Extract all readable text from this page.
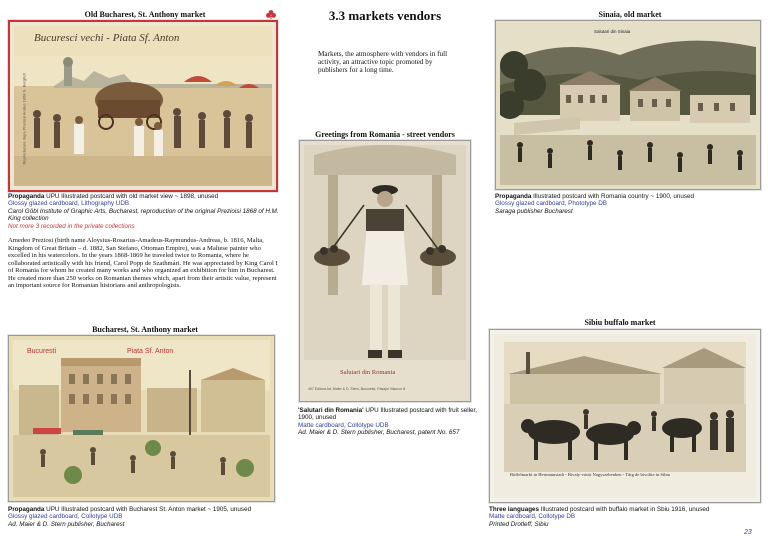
3.3 markets vendors
Markets, the atmosphere with vendors in full activity, an attractive topic promoted by publishers for a long time.
Old Bucharest, St. Anthony market
Bucuresci vechi - Piata Sf. Anton
Reproducere dupa Preziosi Andeo 1868 N. Berghof
Propaganda UPU Illustrated postcard with old market view ~ 1898, unused
Glossy glazed cardboard, Lithography UDB
Carol Göbl Institute of Graphic Arts, Bucharest, reproduction of the original Prezioisi 1868 of H.M. King collection
Not more 3 recorded in the private collections
Amedeo Preziosi (birth name Aloysius-Rosarius-Amadeus-Raymundus-Andreas, b. 1816, Malta, Kingdom of Great Britain – d. 1882, San Stefano, Ottoman Empire), was a Maltese painter who excelled in his watercolors. In the years 1868-1869 he traveled twice to Romania, where he collaborated artistically with his friend, Carol Popp de Szathmári. He was appreciated by King Carol I of Romania for whom he created many works and who organized an exhibition for him in Bucharest. He created more than 250 works on Romanian themes which, apart from their artistic value, represent an important source for Romanian historians and anthropologists.
Bucharest, St. Anthony market
Bucuresti	Piata Sf. Anton
Propaganda UPU Illustrated postcard with Bucharest St. Anton market ~ 1905, unused
Glossy glazed cardboard, Collotype UDB
Ad. Maier & D. Stern publisher, Bucharest
Greetings from Romania - street vendors
Salutari din Romania
407 Editura Ad. Maier & D. Stern, Bucuresti, Pasajul Vilacros 8
'Salutari din Romania' UPU Illustrated postcard with fruit seller, 1900, unused
Matte cardboard, Collotype UDB
Ad. Maier & D. Stern publisher, Bucharest, patent No. 657
Sinaia, old market
Salutari din Sinaia
Propaganda Illustrated postcard with Romania country ~ 1900, unused
Glossy glazed cardboard, Phototype DB
Saraga publisher Bucharest
Sibiu buffalo market
Büffelmarkt in Hermannstadt - Bivaly-vásár Nagyszebenben - Târg de bivolite in Sibiu
Three languages Illustrated postcard with buffalo market in Sbiu 1916, unused
Matte cardboard, Collotype DB
Printed Drotleff, Sibiu
23
